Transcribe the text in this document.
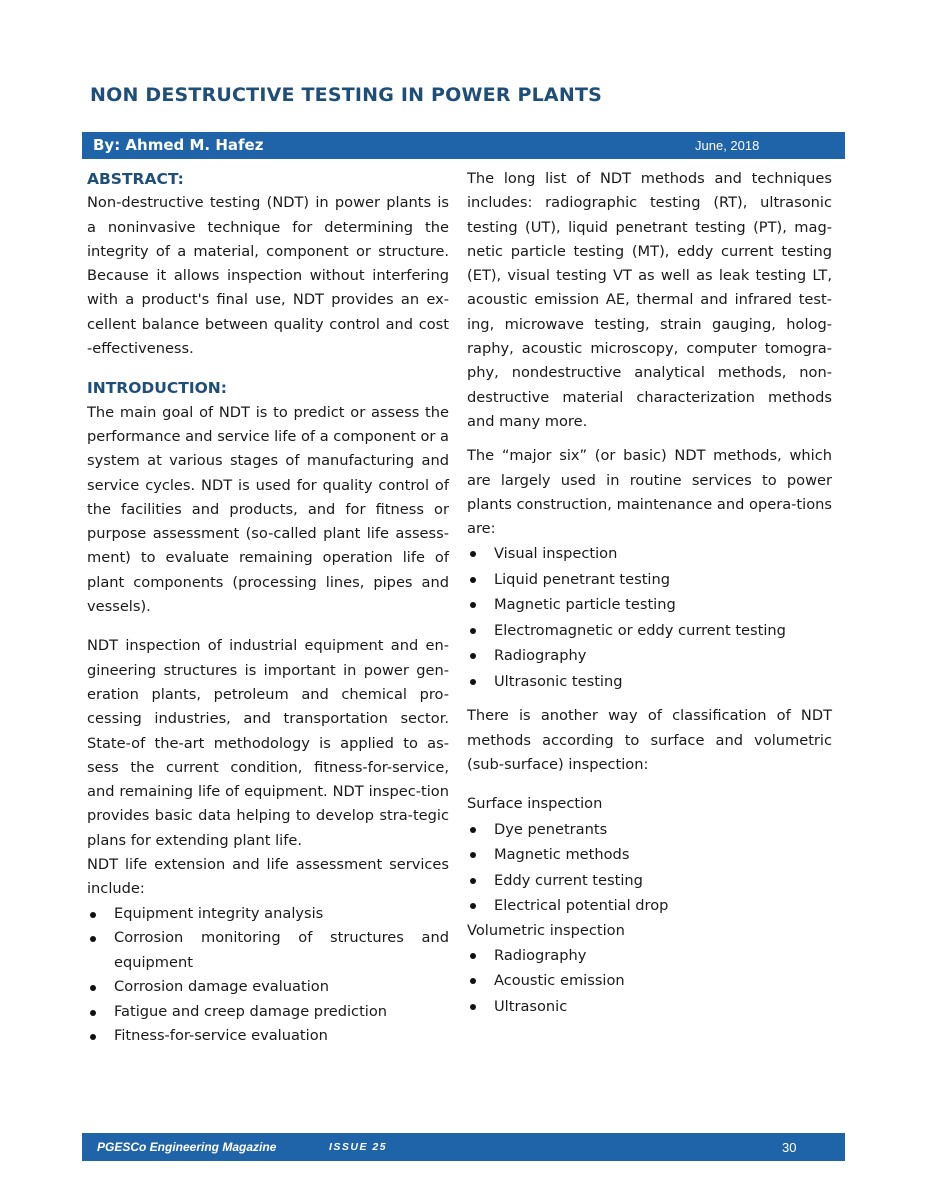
NON DESTRUCTIVE TESTING IN POWER PLANTS
By: Ahmed M. Hafez	June, 2018

ABSTRACT:

Non-destructive testing (NDT) in power plants is a noninvasive technique for determining the integrity of a material, component or structure. Because it allows inspection without interfering with a product's final use, NDT provides an ex-cellent balance between quality control and cost -effectiveness.

INTRODUCTION:

The main goal of NDT is to predict or assess the performance and service life of a component or a system at various stages of manufacturing and service cycles. NDT is used for quality control of the facilities and products, and for fitness or purpose assessment (so-called plant life assess-ment) to evaluate remaining operation life of plant components (processing lines, pipes and vessels).

NDT inspection of industrial equipment and en-gineering structures is important in power gen-eration plants, petroleum and chemical pro-cessing industries, and transportation sector. State-of the-art methodology is applied to as-sess the current condition, fitness-for-service, and remaining life of equipment. NDT inspec-tion provides basic data helping to develop stra-tegic plans for extending plant life.

NDT life extension and life assessment services include:

Equipment integrity analysis
Corrosion monitoring of structures and equipment
Corrosion damage evaluation
Fatigue and creep damage prediction
Fitness-for-service evaluation

The long list of NDT methods and techniques includes: radiographic testing (RT), ultrasonic testing (UT), liquid penetrant testing (PT), mag-netic particle testing (MT), eddy current testing (ET), visual testing VT as well as leak testing LT, acoustic emission AE, thermal and infrared test-ing, microwave testing, strain gauging, holog-raphy, acoustic microscopy, computer tomogra-phy, nondestructive analytical methods, non-destructive material characterization methods and many more.

The “major six” (or basic) NDT methods, which are largely used in routine services to power plants construction, maintenance and opera-tions are:

Visual inspection
Liquid penetrant testing
Magnetic particle testing
Electromagnetic or eddy current testing
Radiography
Ultrasonic testing

There is another way of classification of NDT methods according to surface and volumetric (sub-surface) inspection:

Surface inspection

Dye penetrants
Magnetic methods
Eddy current testing
Electrical potential drop

Volumetric inspection

Radiography
Acoustic emission
Ultrasonic
PGESCo Engineering Magazine	ISSUE 25	30
